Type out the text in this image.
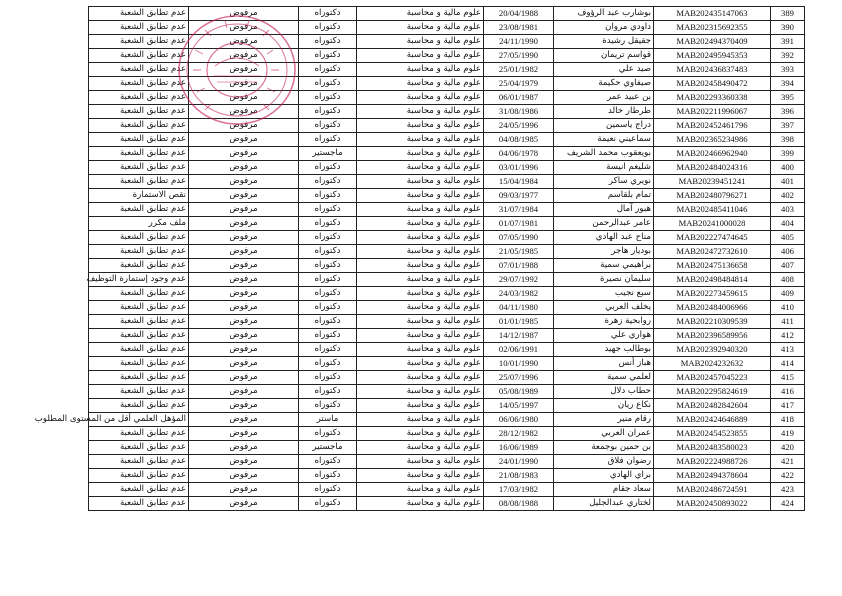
عدم تطابق الشعبة	مرفوض	دكتوراه	علوم مالية و محاسبة	20/04/1988	بوشارب عبد الرؤوف	MAB202435147063	389
عدم تطابق الشعبة	مرفوض	دكتوراه	علوم مالية و محاسبة	23/08/1981	داودي مروان	MAB202315692355	390
عدم تطابق الشعبة	مرفوض	دكتوراه	علوم مالية و محاسبة	24/11/1990	جقيقل رشيدة	MAB202494370409	391
عدم تطابق الشعبة	مرفوض	دكتوراه	علوم مالية و محاسبة	27/05/1990	قواسم تريمان	MAB202495945353	392
عدم تطابق الشعبة	مرفوض	دكتوراه	علوم مالية و محاسبة	25/01/1982	صيد علي	MAB202436837483	393
عدم تطابق الشعبة	مرفوض	دكتوراه	علوم مالية و محاسبة	25/04/1979	صيفاوي حكيمة	MAB202458490472	394
عدم تطابق الشعبة	مرفوض	دكتوراه	علوم مالية و محاسبة	06/01/1987	بن عبيد عمر	MAB202293360338	395
عدم تطابق الشعبة	مرفوض	دكتوراه	علوم مالية و محاسبة	31/08/1986	طرطار خالد	MAB202211996067	396
عدم تطابق الشعبة	مرفوض	دكتوراه	علوم مالية و محاسبة	24/05/1996	دراج ياسمين	MAB202452461796	397
عدم تطابق الشعبة	مرفوض	دكتوراه	علوم مالية و محاسبة	04/08/1985	سماعيني نعيمة	MAB202365234986	398
عدم تطابق الشعبة	مرفوض	ماجستير	علوم مالية و محاسبة	04/06/1978	بويعقوب محمد الشريف	MAB202466962940	399
عدم تطابق الشعبة	مرفوض	دكتوراه	علوم مالية و محاسبة	03/01/1996	شليغم انيسة	MAB202484024316	400
عدم تطابق الشعبة	مرفوض	دكتوراه	علوم مالية و محاسبة	15/04/1984	نويري ساكر	MAB20239451241	401
نقص الاستمارة	مرفوض	دكتوراه	علوم مالية و محاسبة	09/03/1977	تمام بلقاسم	MAB202480796271	402
عدم تطابق الشعبة	مرفوض	دكتوراه	علوم مالية و محاسبة	31/07/1984	هبور آمال	MAB202485411046	403
ملف مكرر	مرفوض	دكتوراه	علوم مالية و محاسبة	01/07/1981	عامر عبدالرحمن	MAB20241000028	404
عدم تطابق الشعبة	مرفوض	دكتوراه	علوم مالية و محاسبة	07/05/1990	مناح عبد الهادي	MAB202227474645	405
عدم تطابق الشعبة	مرفوض	دكتوراه	علوم مالية و محاسبة	21/05/1985	بوديار هاجر	MAB202472732610	406
عدم تطابق الشعبة	مرفوض	دكتوراه	علوم مالية و محاسبة	07/01/1988	براهيمي سمية	MAB202475136658	407
عدم وجود إستمارة التوظيف	مرفوض	دكتوراه	علوم مالية و محاسبة	29/07/1992	سليمان نصيرة	MAB202498484814	408
عدم تطابق الشعبة	مرفوض	دكتوراه	علوم مالية و محاسبة	24/03/1982	سبع نجيب	MAB202273459615	409
عدم تطابق الشعبة	مرفوض	دكتوراه	علوم مالية و محاسبة	04/11/1980	يخلف العربي	MAB202484006966	410
عدم تطابق الشعبة	مرفوض	دكتوراه	علوم مالية و محاسبة	01/01/1985	روابحية زهرة	MAB202210309539	411
عدم تطابق الشعبة	مرفوض	دكتوراه	علوم مالية و محاسبة	14/12/1987	هواري علي	MAB202396589956	412
عدم تطابق الشعبة	مرفوض	دكتوراه	علوم مالية و محاسبة	02/06/1991	بوطالب جهيد	MAB202392940320	413
عدم تطابق الشعبة	مرفوض	دكتوراه	علوم مالية و محاسبة	10/01/1990	هباز أنس	MAB2024232632	414
عدم تطابق الشعبة	مرفوض	دكتوراه	علوم مالية و محاسبة	25/07/1996	لعلمي سمية	MAB202457045223	415
عدم تطابق الشعبة	مرفوض	دكتوراه	علوم مالية و محاسبة	05/08/1989	حطاب دلال	MAB202295824619	416
عدم تطابق الشعبة	مرفوض	دكتوراه	علوم مالية و محاسبة	14/05/1997	نكاع ريان	MAB202482842604	417
المؤهل العلمي أقل من المستوى المطلوب	مرفوض	ماستر	علوم مالية و محاسبة	06/06/1980	رقام منير	MAB202424646889	418
عدم تطابق الشعبة	مرفوض	دكتوراه	علوم مالية و محاسبة	28/12/1982	عمران العربي	MAB202454523855	419
عدم تطابق الشعبة	مرفوض	ماجستير	علوم مالية و محاسبة	16/06/1989	بن حمين بوجمعة	MAB202483580023	420
عدم تطابق الشعبة	مرفوض	دكتوراه	علوم مالية و محاسبة	24/01/1990	رضوان فلاق	MAB202224988726	421
عدم تطابق الشعبة	مرفوض	دكتوراه	علوم مالية و محاسبة	21/08/1983	براي الهادي	MAB202494378604	422
عدم تطابق الشعبة	مرفوض	دكتوراه	علوم مالية و محاسبة	17/03/1982	سعاد جقام	MAB202486724591	423
عدم تطابق الشعبة	مرفوض	دكتوراه	علوم مالية و محاسبة	08/08/1988	لختاري عبدالجليل	MAB202450893022	424
